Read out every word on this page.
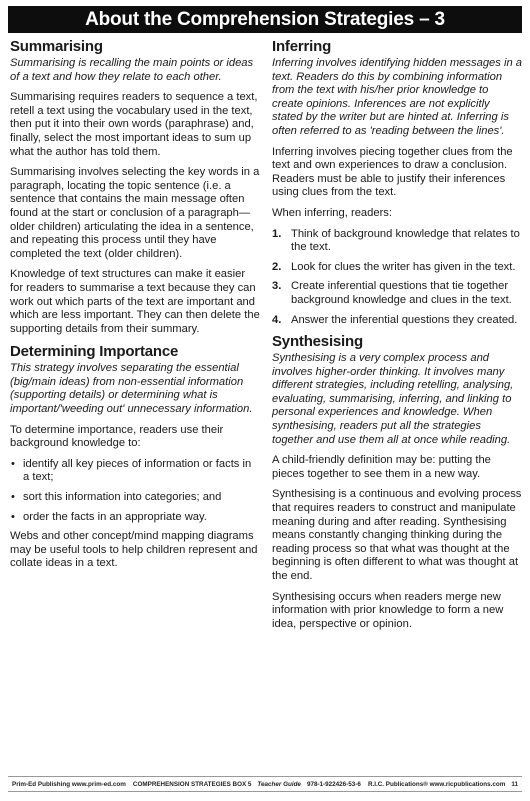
About the Comprehension Strategies – 3
Summarising

Summarising is recalling the main points or ideas of a text and how they relate to each other.

Summarising requires readers to sequence a text, retell a text using the vocabulary used in the text, then put it into their own words (paraphrase) and, finally, select the most important ideas to sum up what the author has told them.

Summarising involves selecting the key words in a paragraph, locating the topic sentence (i.e. a sentence that contains the main message often found at the start or conclusion of a paragraph—older children) articulating the idea in a sentence, and repeating this process until they have completed the text (older children).

Knowledge of text structures can make it easier for readers to summarise a text because they can work out which parts of the text are important and which are less important. They can then delete the supporting details from their summary.

Determining Importance

This strategy involves separating the essential (big/main ideas) from non-essential information (supporting details) or determining what is important/'weeding out' unnecessary information.

To determine importance, readers use their background knowledge to:

• identify all key pieces of information or facts in a text;
• sort this information into categories; and
• order the facts in an appropriate way.

Webs and other concept/mind mapping diagrams may be useful tools to help children represent and collate ideas in a text.

Inferring

Inferring involves identifying hidden messages in a text. Readers do this by combining information from the text with his/her prior knowledge to create opinions. Inferences are not explicitly stated by the writer but are hinted at. Inferring is often referred to as 'reading between the lines'.

Inferring involves piecing together clues from the text and own experiences to draw a conclusion. Readers must be able to justify their inferences using clues from the text.

When inferring, readers:

1. Think of background knowledge that relates to the text.
2. Look for clues the writer has given in the text.
3. Create inferential questions that tie together background knowledge and clues in the text.
4. Answer the inferential questions they created.
Synthesising

Synthesising is a very complex process and involves higher-order thinking. It involves many different strategies, including retelling, analysing, evaluating, summarising, inferring, and linking to personal experiences and knowledge. When synthesising, readers put all the strategies together and use them all at once while reading.

A child-friendly definition may be: putting the pieces together to see them in a new way.

Synthesising is a continuous and evolving process that requires readers to construct and manipulate meaning during and after reading. Synthesising means constantly changing thinking during the reading process so that what was thought at the beginning is often different to what was thought at the end.

Synthesising occurs when readers merge new information with prior knowledge to form a new idea, perspective or opinion.

Prim-Ed Publishing www.prim-ed.com COMPREHENSION STRATEGIES BOX 5 Teacher Guide 978-1-922426-53-6 R.I.C. Publications® www.ricpublications.com 11
